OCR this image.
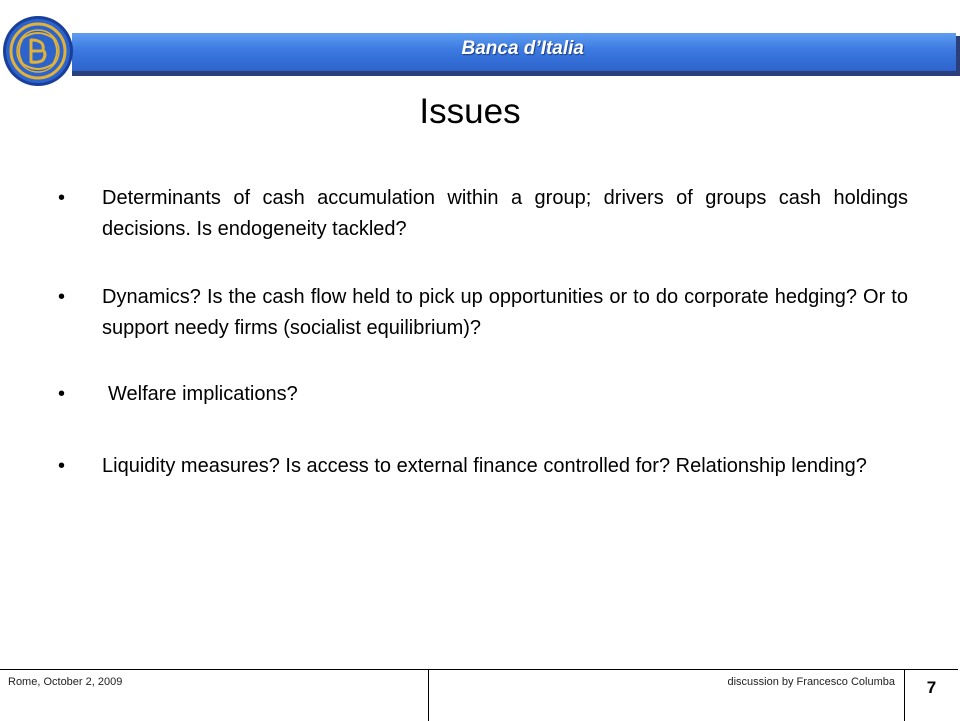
Banca d’Italia
Issues
• Determinants of cash accumulation within a group; drivers of groups cash holdings decisions. Is endogeneity tackled?
• Dynamics? Is the cash flow held to pick up opportunities or to do corporate hedging? Or to support needy firms (socialist equilibrium)?
• Welfare implications?
• Liquidity measures? Is access to external finance controlled for? Relationship lending?
Rome, October 2, 2009	discussion by Francesco Columba	7
